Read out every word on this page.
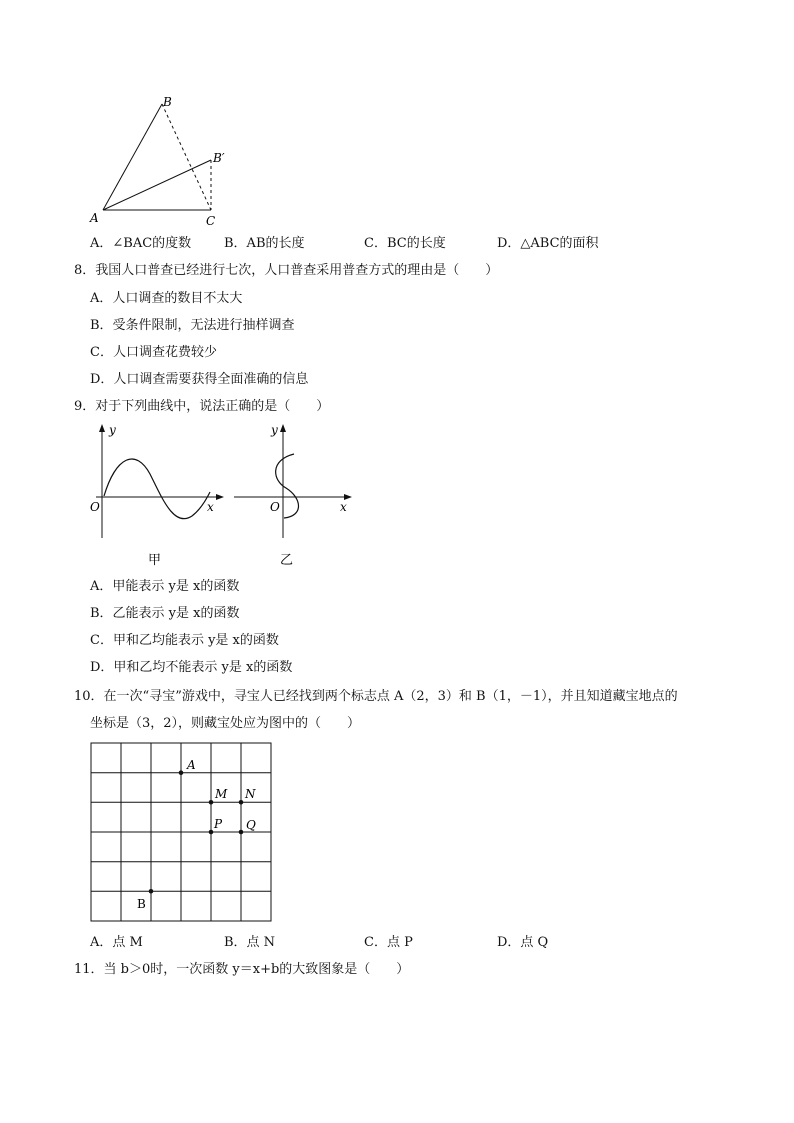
B
B′
A	C
A．∠BAC的度数	B．AB的长度	C．BC的长度	D．△ABC的面积
8．我国人口普查已经进行七次，人口普查采用普查方式的理由是（　　）
A．人口调查的数目不太大
B．受条件限制，无法进行抽样调查
C．人口调查花费较少
D．人口调查需要获得全面准确的信息
9．对于下列曲线中，说法正确的是（　　）
y
O	x
甲
y
O	x
乙
A．甲能表示 y是 x的函数
B．乙能表示 y是 x的函数
C．甲和乙均能表示 y是 x的函数
D．甲和乙均不能表示 y是 x的函数
10．在一次“寻宝”游戏中，寻宝人已经找到两个标志点 A（2，3）和 B（1，－1），并且知道藏宝地点的
坐标是（3，2），则藏宝处应为图中的（　　）
A
M N
P Q
B
A．点 M	B．点 N	C．点 P	D．点 Q
11．当 b＞0时，一次函数 y＝x+b的大致图象是（　　）
